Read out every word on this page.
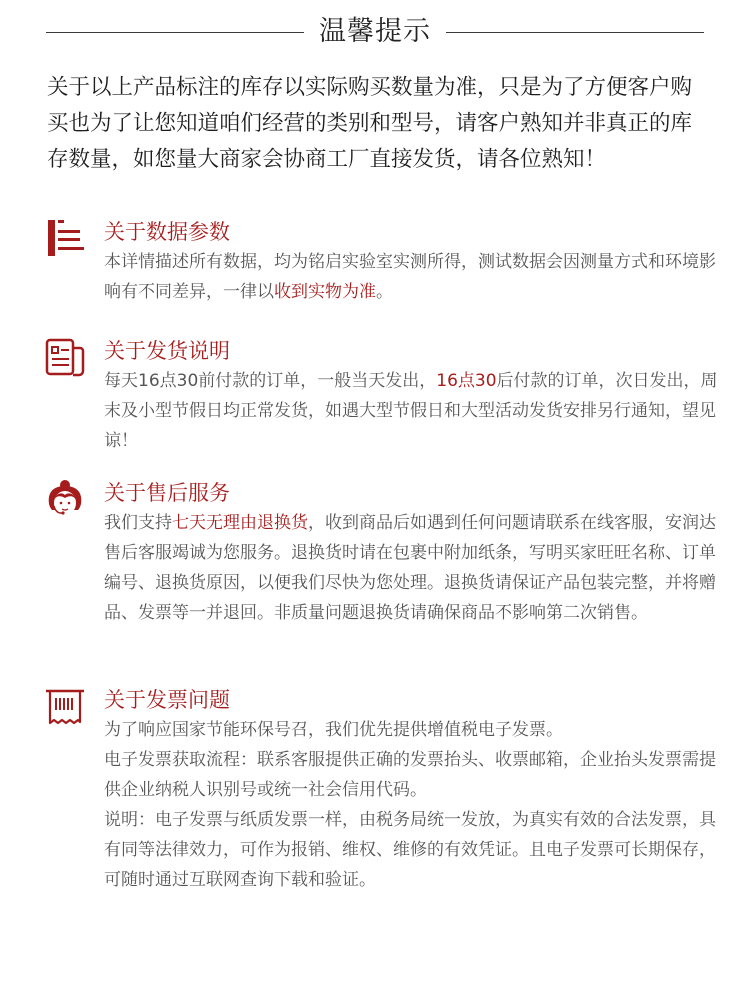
温馨提示

关于以上产品标注的库存以实际购买数量为准，只是为了方便客户购买也为了让您知道咱们经营的类别和型号，请客户熟知并非真正的库存数量，如您量大商家会协商工厂直接发货，请各位熟知！

关于数据参数
本详情描述所有数据，均为铭启实验室实测所得，测试数据会因测量方式和环境影响有不同差异，一律以收到实物为准。
关于发货说明
每天16点30前付款的订单，一般当天发出，16点30后付款的订单，次日发出，周末及小型节假日均正常发货，如遇大型节假日和大型活动发货安排另行通知，望见谅！
关于售后服务
我们支持七天无理由退换货，收到商品后如遇到任何问题请联系在线客服，安润达售后客服竭诚为您服务。退换货时请在包裹中附加纸条，写明买家旺旺名称、订单编号、退换货原因，以便我们尽快为您处理。退换货请保证产品包装完整，并将赠品、发票等一并退回。非质量问题退换货请确保商品不影响第二次销售。
关于发票问题

为了响应国家节能环保号召，我们优先提供增值税电子发票。

电子发票获取流程：联系客服提供正确的发票抬头、收票邮箱，企业抬头发票需提供企业纳税人识别号或统一社会信用代码。

说明：电子发票与纸质发票一样，由税务局统一发放，为真实有效的合法发票，具有同等法律效力，可作为报销、维权、维修的有效凭证。且电子发票可长期保存，可随时通过互联网查询下载和验证。
